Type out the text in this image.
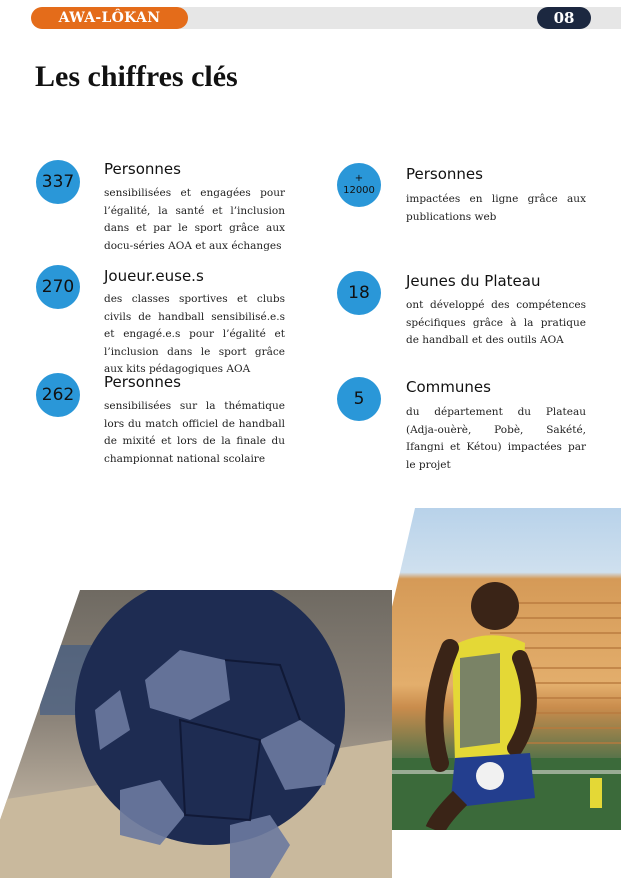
AWA-LÔKAN	08
Les chiffres clés
337
Personnes

sensibilisées et engagées pour l’égalité, la santé et l’inclusion dans et par le sport grâce aux docu-séries AOA et aux échanges

270
Joueur.euse.s

des classes sportives et clubs civils de handball sensibilisé.e.s et engagé.e.s pour l’égalité et l’inclusion dans le sport grâce aux kits pédagogiques AOA

262
Personnes

sensibilisées sur la thématique lors du match officiel de handball de mixité et lors de la finale du championnat national scolaire

+
12000
Personnes

impactées en ligne grâce aux publications web

18
Jeunes du Plateau

ont développé des compétences spécifiques grâce à la pratique de handball et des outils AOA

5
Communes

du département du Plateau (Adja-ouèrè, Pobè, Sakété, Ifangni et Kétou) impactées par le projet
